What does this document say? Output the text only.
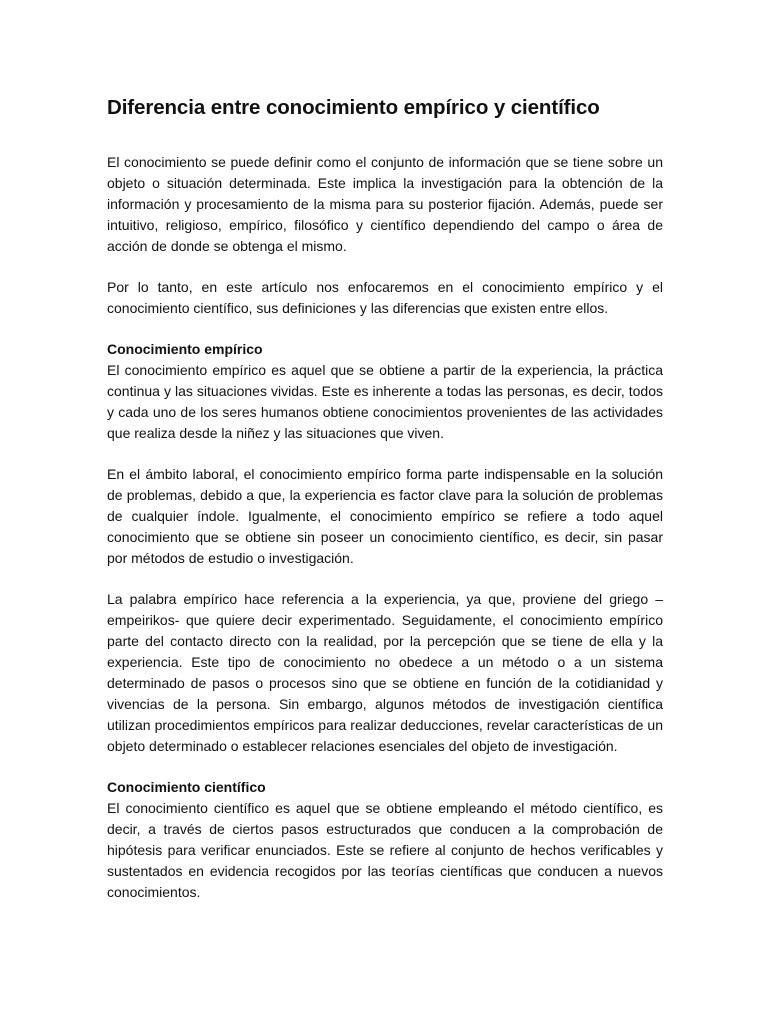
Diferencia entre conocimiento empírico y científico

El conocimiento se puede definir como el conjunto de información que se tiene sobre un objeto o situación determinada. Este implica la investigación para la obtención de la información y procesamiento de la misma para su posterior fijación. Además, puede ser intuitivo, religioso, empírico, filosófico y científico dependiendo del campo o área de acción de donde se obtenga el mismo.

Por lo tanto, en este artículo nos enfocaremos en el conocimiento empírico y el conocimiento científico, sus definiciones y las diferencias que existen entre ellos.

Conocimiento empírico

El conocimiento empírico es aquel que se obtiene a partir de la experiencia, la práctica continua y las situaciones vividas. Este es inherente a todas las personas, es decir, todos y cada uno de los seres humanos obtiene conocimientos provenientes de las actividades que realiza desde la niñez y las situaciones que viven.

En el ámbito laboral, el conocimiento empírico forma parte indispensable en la solución de problemas, debido a que, la experiencia es factor clave para la solución de problemas de cualquier índole. Igualmente, el conocimiento empírico se refiere a todo aquel conocimiento que se obtiene sin poseer un conocimiento científico, es decir, sin pasar por métodos de estudio o investigación.

La palabra empírico hace referencia a la experiencia, ya que, proviene del griego –empeirikos- que quiere decir experimentado. Seguidamente, el conocimiento empírico parte del contacto directo con la realidad, por la percepción que se tiene de ella y la experiencia. Este tipo de conocimiento no obedece a un método o a un sistema determinado de pasos o procesos sino que se obtiene en función de la cotidianidad y vivencias de la persona. Sin embargo, algunos métodos de investigación científica utilizan procedimientos empíricos para realizar deducciones, revelar características de un objeto determinado o establecer relaciones esenciales del objeto de investigación.

Conocimiento científico

El conocimiento científico es aquel que se obtiene empleando el método científico, es decir, a través de ciertos pasos estructurados que conducen a la comprobación de hipótesis para verificar enunciados. Este se refiere al conjunto de hechos verificables y sustentados en evidencia recogidos por las teorías científicas que conducen a nuevos conocimientos.
